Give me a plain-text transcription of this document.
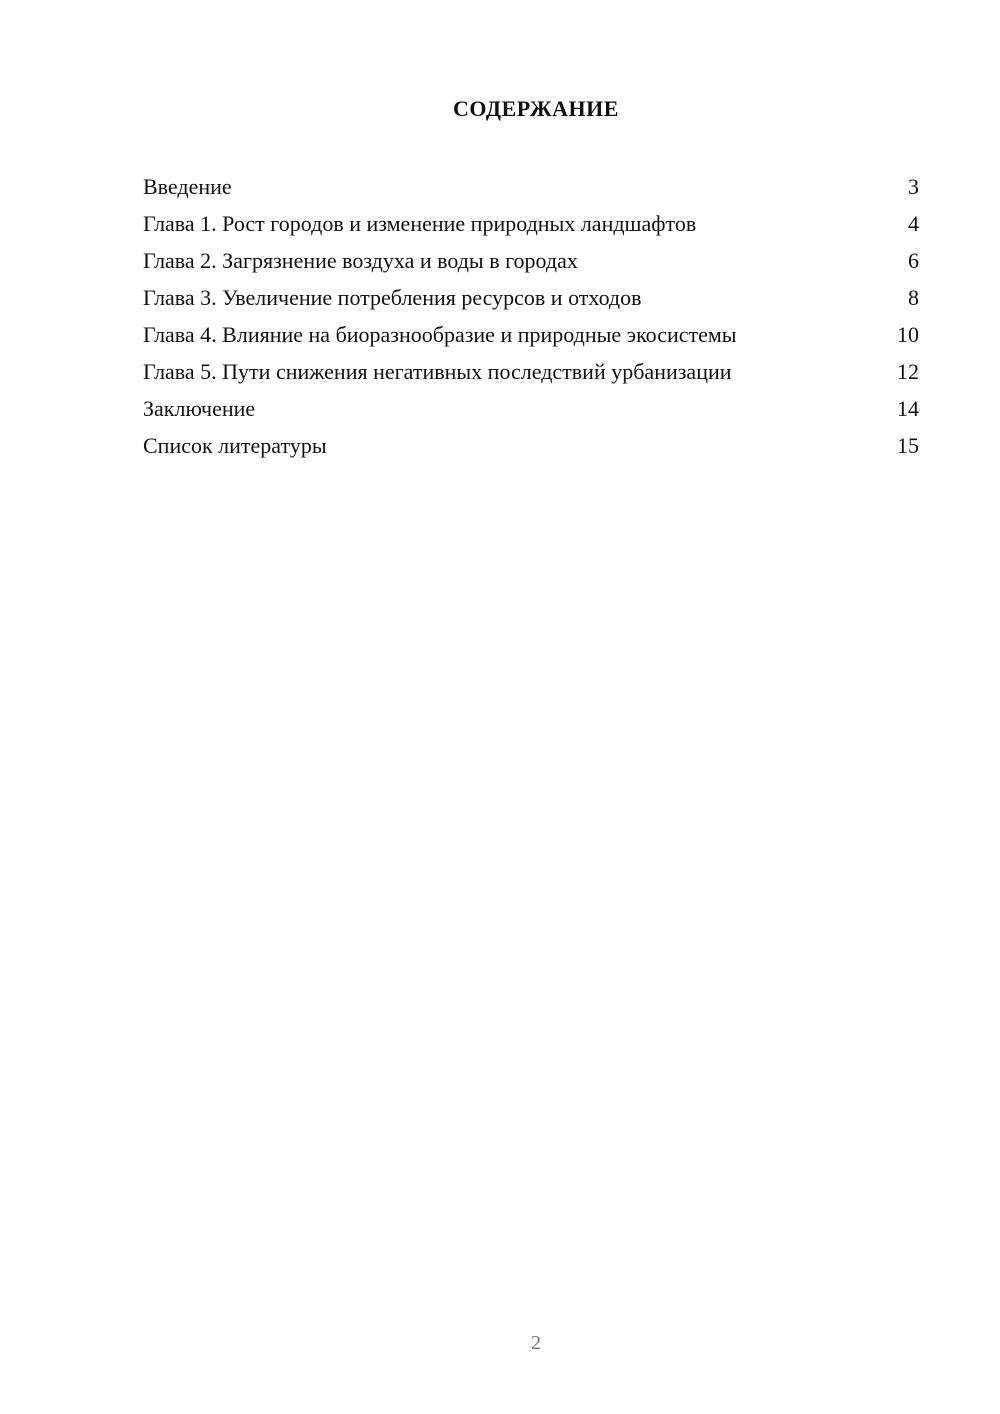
СОДЕРЖАНИЕ
Введение	3
Глава 1. Рост городов и изменение природных ландшафтов	4
Глава 2. Загрязнение воздуха и воды в городах	6
Глава 3. Увеличение потребления ресурсов и отходов	8
Глава 4. Влияние на биоразнообразие и природные экосистемы	10
Глава 5. Пути снижения негативных последствий урбанизации	12
Заключение	14
Список литературы	15
2
